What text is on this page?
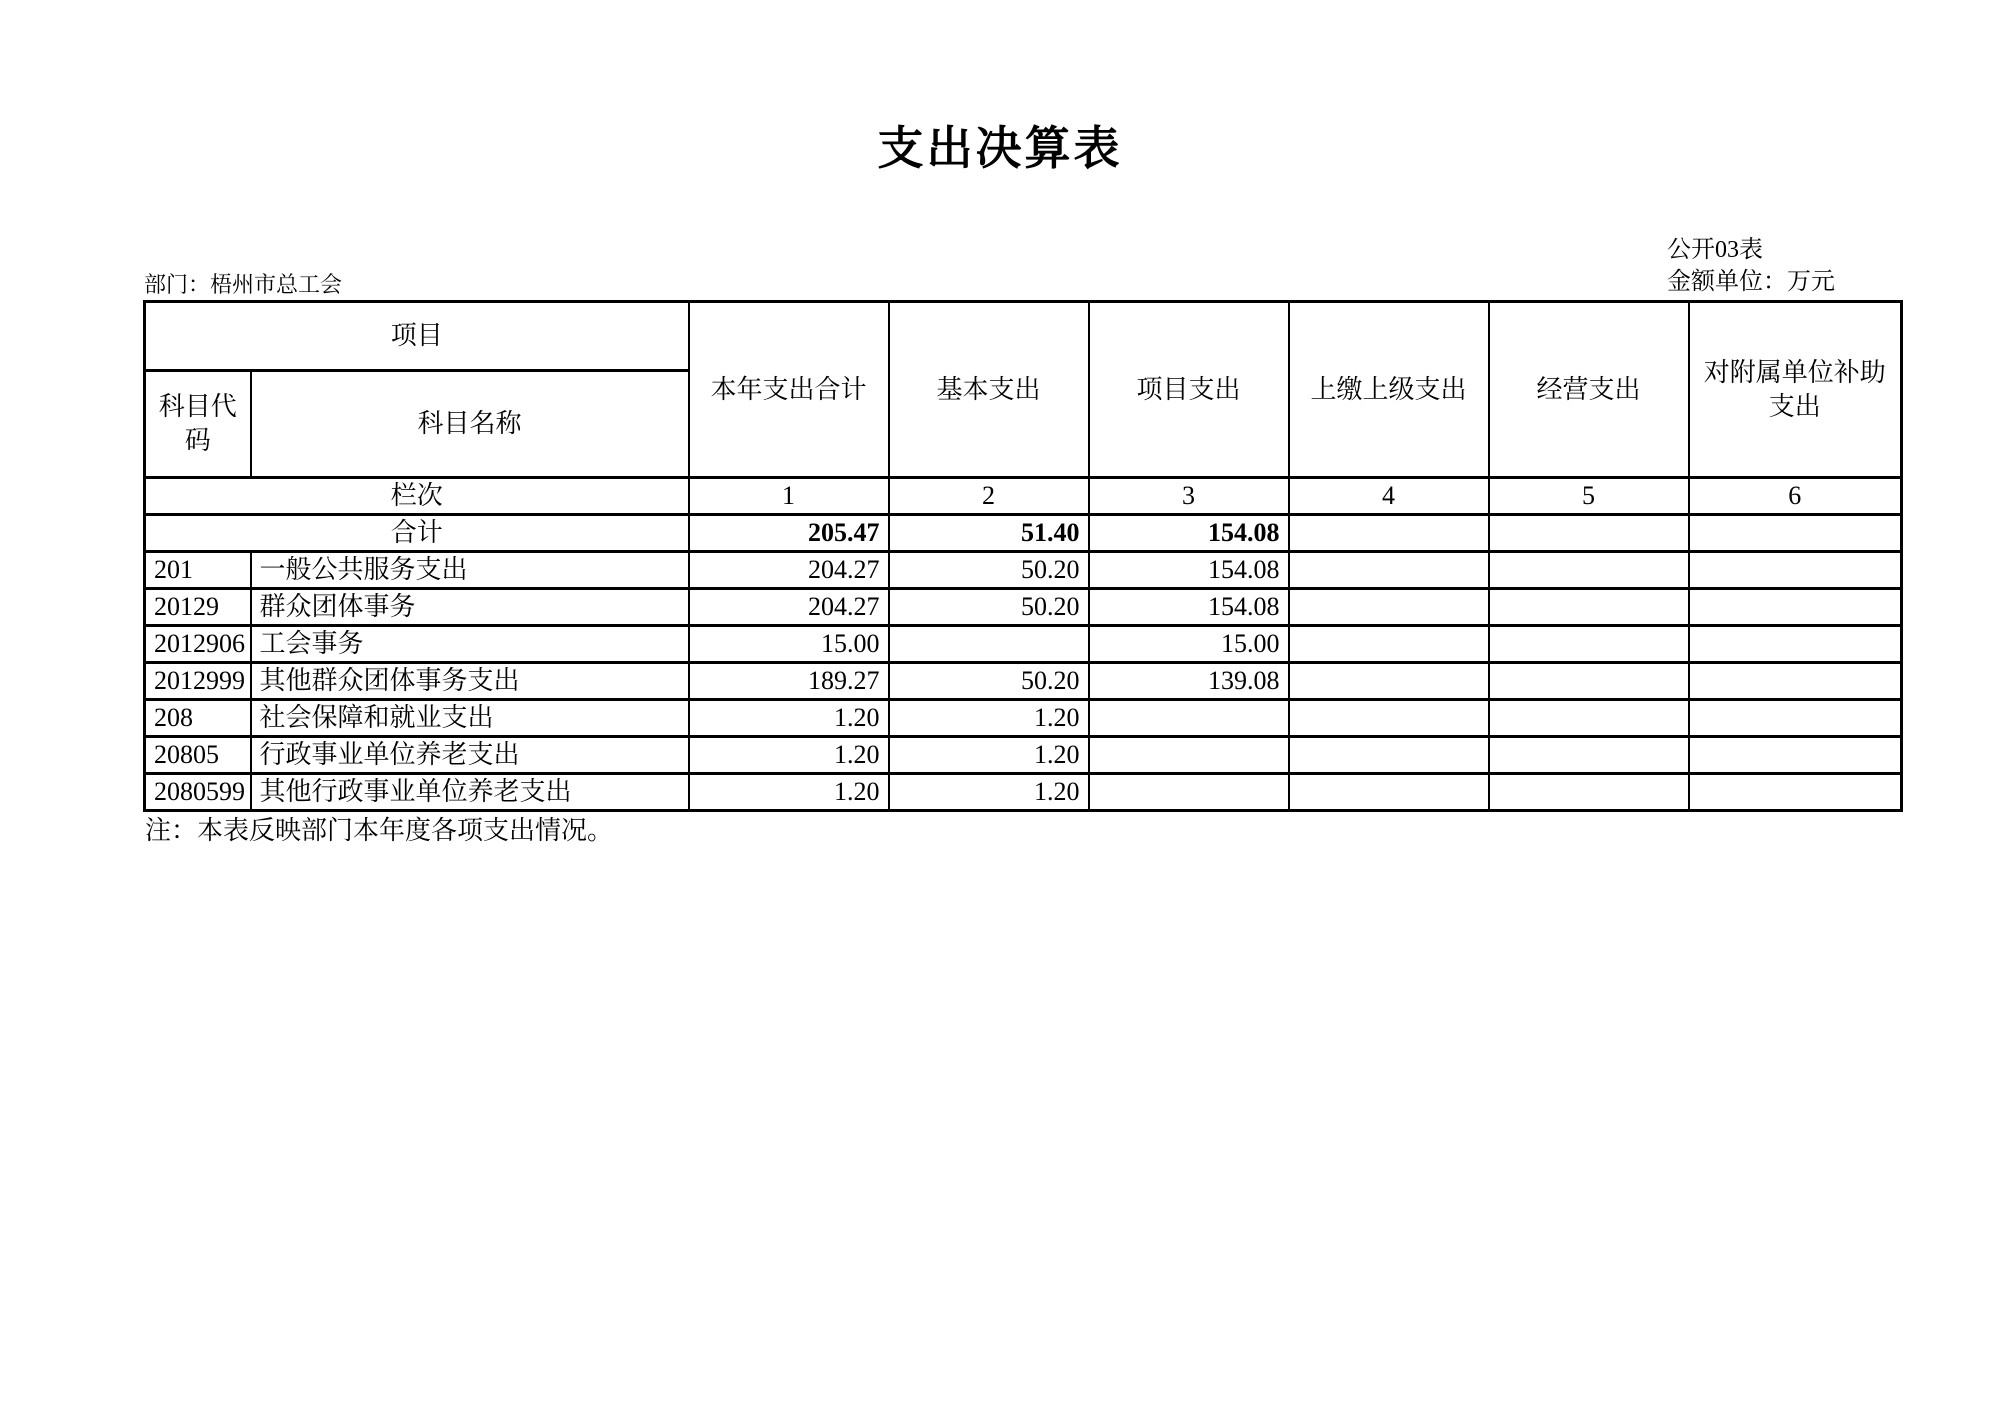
支出决算表
公开03表
金额单位：万元
部门：梧州市总工会
项目		本年支出合计	基本支出	项目支出	上缴上级支出	经营支出	对附属单位补助支出
科目代码	科目名称						
栏次		1	2	3	4	5	6
合计		205.47	51.40	154.08			
201	一般公共服务支出	204.27	50.20	154.08			
20129	群众团体事务	204.27	50.20	154.08			
2012906	工会事务	15.00		15.00			
2012999	其他群众团体事务支出	189.27	50.20	139.08			
208	社会保障和就业支出	1.20	1.20				
20805	行政事业单位养老支出	1.20	1.20				
2080599	其他行政事业单位养老支出	1.20	1.20				
注：本表反映部门本年度各项支出情况。
